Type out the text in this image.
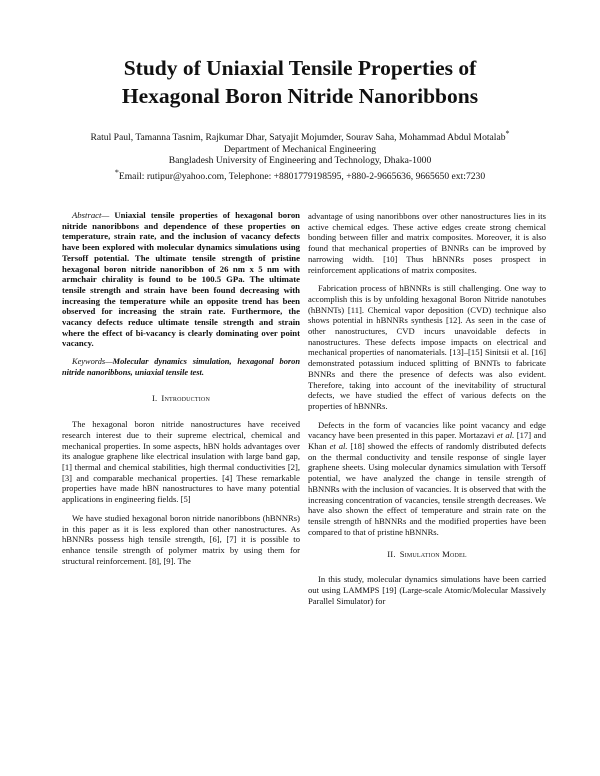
Study of Uniaxial Tensile Properties of
Hexagonal Boron Nitride Nanoribbons
Ratul Paul, Tamanna Tasnim, Rajkumar Dhar, Satyajit Mojumder, Sourav Saha, Mohammad Abdul Motalab*
Department of Mechanical Engineering
Bangladesh University of Engineering and Technology, Dhaka-1000
*Email: rutipur@yahoo.com, Telephone: +8801779198595, +880-2-9665636, 9665650 ext:7230

Abstract— Uniaxial tensile properties of hexagonal boron nitride nanoribbons and dependence of these properties on temperature, strain rate, and the inclusion of vacancy defects have been explored with molecular dynamics simulations using Tersoff potential. The ultimate tensile strength of pristine hexagonal boron nitride nanoribbon of 26 nm x 5 nm with armchair chirality is found to be 100.5 GPa. The ultimate tensile strength and strain have been found decreasing with increasing the temperature while an opposite trend has been observed for increasing the strain rate. Furthermore, the vacancy defects reduce ultimate tensile strength and strain where the effect of bi-vacancy is clearly dominating over point vacancy.

Keywords—Molecular dynamics simulation, hexagonal boron nitride nanoribbons, uniaxial tensile test.

I. Introduction

The hexagonal boron nitride nanostructures have received research interest due to their supreme electrical, chemical and mechanical properties. In some aspects, hBN holds advantages over its analogue graphene like electrical insulation with large band gap, [1] thermal and chemical stabilities, high thermal conductivities [2], [3] and comparable mechanical properties. [4] These remarkable properties have made hBN nanostructures to have many potential applications in engineering fields. [5]

We have studied hexagonal boron nitride nanoribbons (hBNNRs) in this paper as it is less explored than other nanostructures. As hBNNRs possess high tensile strength, [6], [7] it is possible to enhance tensile strength of polymer matrix by using them for structural reinforcement. [8], [9]. The

advantage of using nanoribbons over other nanostructures lies in its active chemical edges. These active edges create strong chemical bonding between filler and matrix composites. Moreover, it is also found that mechanical properties of BNNRs can be improved by narrowing width. [10] Thus hBNNRs poses prospect in reinforcement applications of matrix composites.

Fabrication process of hBNNRs is still challenging. One way to accomplish this is by unfolding hexagonal Boron Nitride nanotubes (hBNNTs) [11]. Chemical vapor deposition (CVD) technique also shows potential in hBNNRs synthesis [12]. As seen in the case of other nanostructures, CVD incurs unavoidable defects in nanostructures. These defects impose impacts on electrical and mechanical properties of nanomaterials. [13]–[15] Sinitsii et al. [16] demonstrated potassium induced splitting of BNNTs to fabricate BNNRs and there the presence of defects was also evident. Therefore, taking into account of the inevitability of structural defects, we have studied the effect of various defects on the properties of hBNNRs.

Defects in the form of vacancies like point vacancy and edge vacancy have been presented in this paper. Mortazavi et al. [17] and Khan et al. [18] showed the effects of randomly distributed defects on the thermal conductivity and tensile response of single layer graphene sheets. Using molecular dynamics simulation with Tersoff potential, we have analyzed the change in tensile strength of hBNNRs with the inclusion of vacancies. It is observed that with the increasing concentration of vacancies, tensile strength decreases. We have also shown the effect of temperature and strain rate on the tensile strength of hBNNRs and the modified properties have been compared to that of pristine hBNNRs.

II. Simulation Model

In this study, molecular dynamics simulations have been carried out using LAMMPS [19] (Large-scale Atomic/Molecular Massively Parallel Simulator) for
